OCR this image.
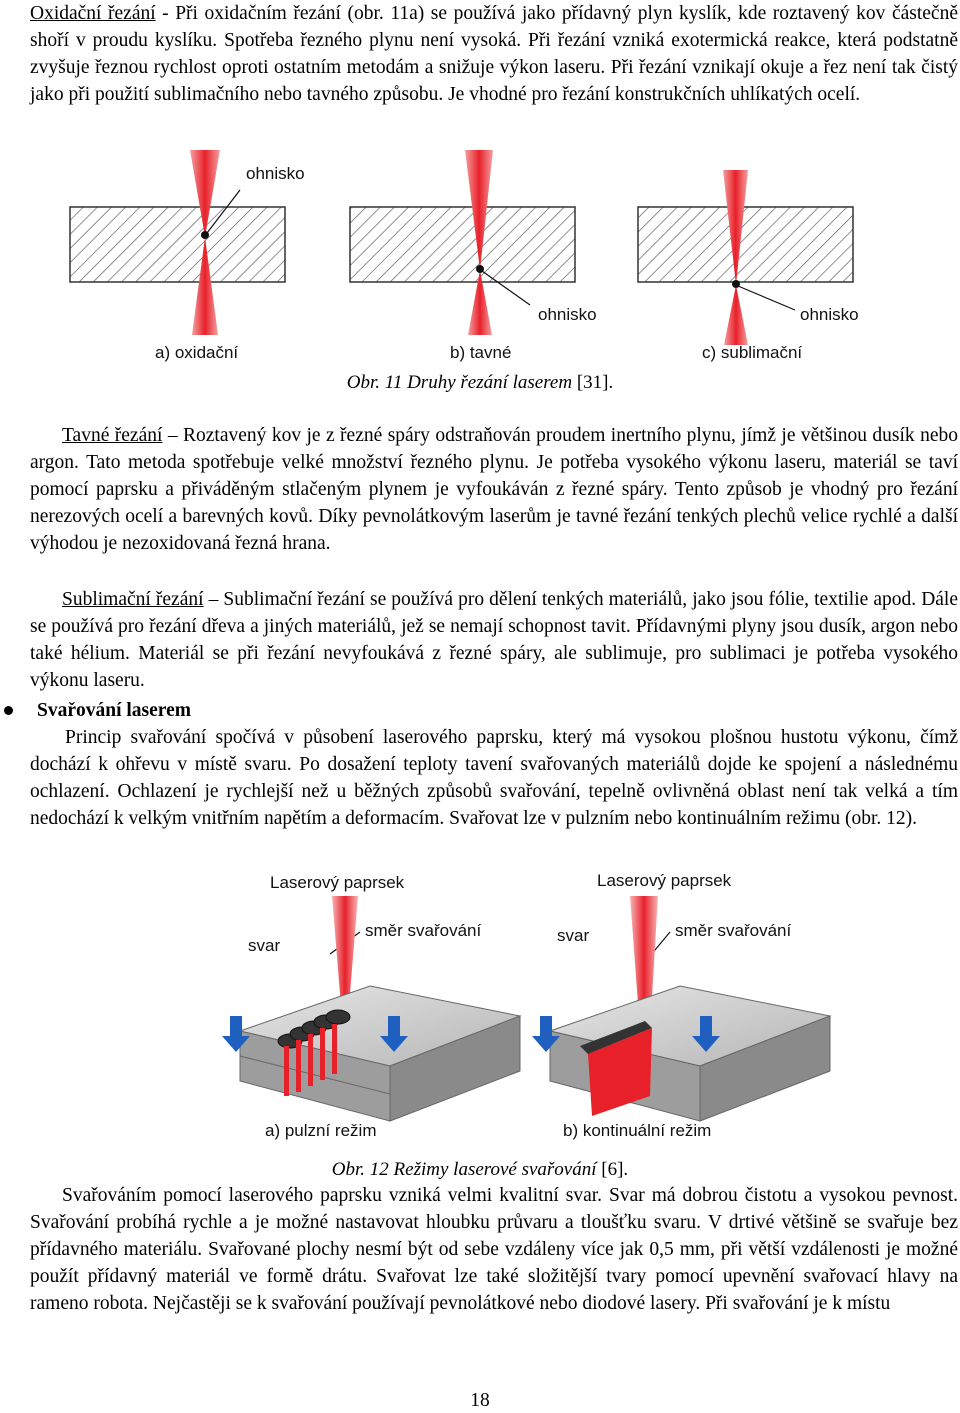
Oxidační řezání - Při oxidačním řezání (obr. 11a) se používá jako přídavný plyn kyslík, kde roztavený kov částečně shoří v proudu kyslíku. Spotřeba řezného plynu není vysoká. Při řezání vzniká exotermická reakce, která podstatně zvyšuje řeznou rychlost oproti ostatním metodám a snižuje výkon laseru. Při řezání vznikají okuje a řez není tak čistý jako při použití sublimačního nebo tavného způsobu. Je vhodné pro řezání konstrukčních uhlíkatých ocelí.

ohnisko
a) oxidační
ohnisko
b) tavné
ohnisko
c) sublimační
Obr. 11 Druhy řezání laserem [31].

Tavné řezání – Roztavený kov je z řezné spáry odstraňován proudem inertního plynu, jímž je většinou dusík nebo argon. Tato metoda spotřebuje velké množství řezného plynu. Je potřeba vysokého výkonu laseru, materiál se taví pomocí paprsku a přiváděným stlačeným plynem je vyfoukáván z řezné spáry. Tento způsob je vhodný pro řezání nerezových ocelí a barevných kovů. Díky pevnolátkovým laserům je tavné řezání tenkých plechů velice rychlé a další výhodou je nezoxidovaná řezná hrana.

Sublimační řezání – Sublimační řezání se používá pro dělení tenkých materiálů, jako jsou fólie, textilie apod. Dále se používá pro řezání dřeva a jiných materiálů, jež se nemají schopnost tavit. Přídavnými plyny jsou dusík, argon nebo také hélium. Materiál se při řezání nevyfoukává z řezné spáry, ale sublimuje, pro sublimaci je potřeba vysokého výkonu laseru.

Svařování laserem

Princip svařování spočívá v působení laserového paprsku, který má vysokou plošnou hustotu výkonu, čímž dochází k ohřevu v místě svaru. Po dosažení teploty tavení svařovaných materiálů dojde ke spojení a následnému ochlazení. Ochlazení je rychlejší než u běžných způsobů svařování, tepelně ovlivněná oblast není tak velká a tím nedochází k velkým vnitřním napětím a deformacím. Svařovat lze v pulzním nebo kontinuálním režimu (obr. 12).

Laserový paprsek
směr svařování
svar
a) pulzní režim
Laserový paprsek
směr svařování
svar
b) kontinuální režim
Obr. 12 Režimy laserové svařování [6].

Svařováním pomocí laserového paprsku vzniká velmi kvalitní svar. Svar má dobrou čistotu a vysokou pevnost. Svařování probíhá rychle a je možné nastavovat hloubku průvaru a tloušťku svaru. V drtivé většině se svařuje bez přídavného materiálu. Svařované plochy nesmí být od sebe vzdáleny více jak 0,5 mm, při větší vzdálenosti je možné použít přídavný materiál ve formě drátu. Svařovat lze také složitější tvary pomocí upevnění svařovací hlavy na rameno robota. Nejčastěji se k svařování používají pevnolátkové nebo diodové lasery. Při svařování je k místu

18
